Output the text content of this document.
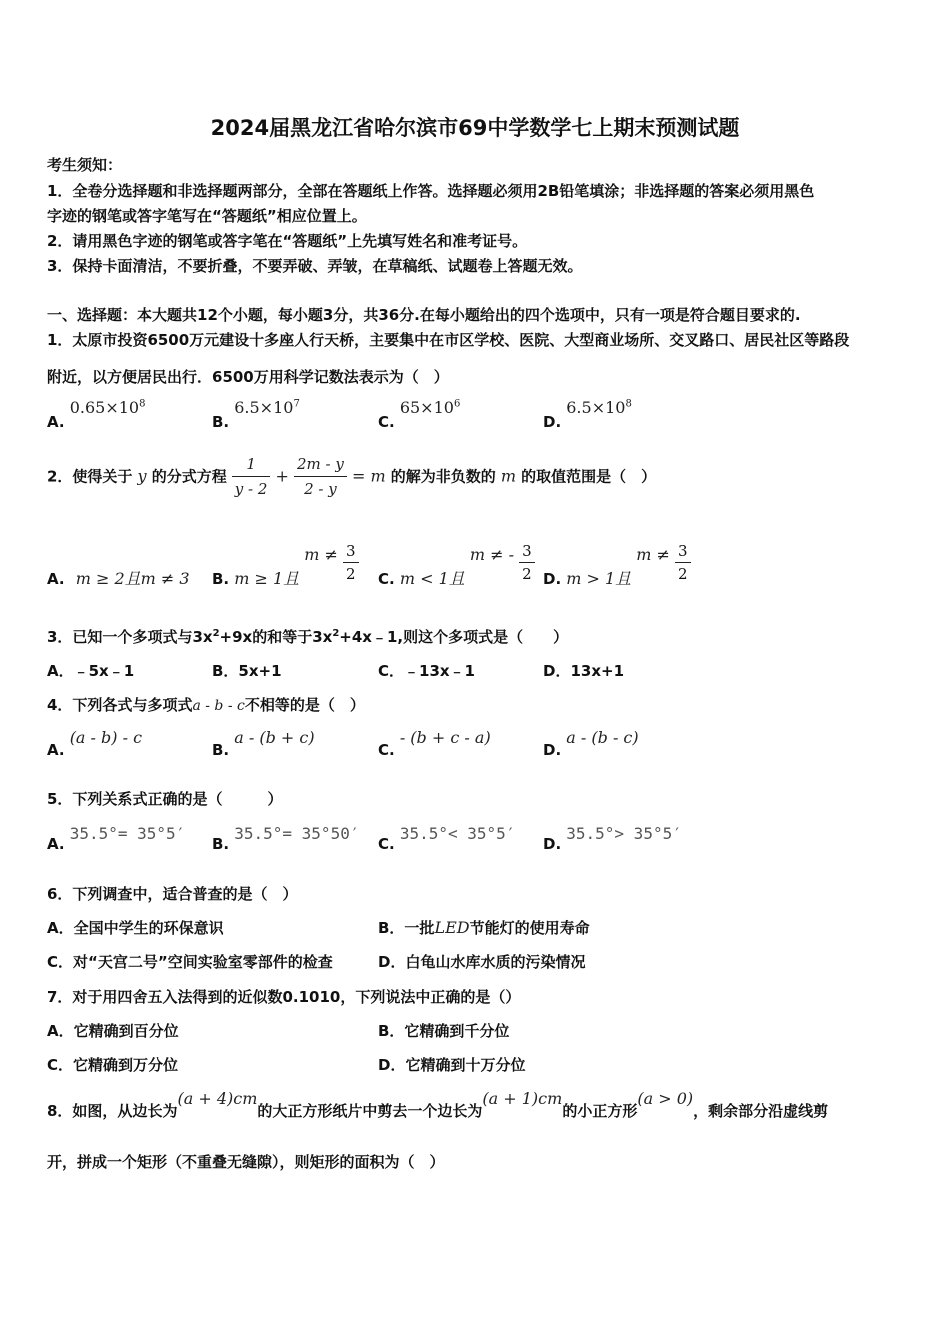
2024届黑龙江省哈尔滨市69中学数学七上期末预测试题
考生须知：
1．全卷分选择题和非选择题两部分，全部在答题纸上作答。选择题必须用2B铅笔填涂；非选择题的答案必须用黑色
字迹的钢笔或答字笔写在“答题纸”相应位置上。
2．请用黑色字迹的钢笔或答字笔在“答题纸”上先填写姓名和准考证号。
3．保持卡面清洁，不要折叠，不要弄破、弄皱，在草稿纸、试题卷上答题无效。
一、选择题：本大题共12个小题，每小题3分，共36分.在每小题给出的四个选项中，只有一项是符合题目要求的.
1．太原市投资6500万元建设十多座人行天桥，主要集中在市区学校、医院、大型商业场所、交叉路口、居民社区等路段
附近，以方便居民出行．6500万用科学记数法表示为（　）
A. $0.65\times 10^8$
B. $6.5\times 10^7$
C. $65\times 10^6$
D. $6.5\times 10^8$
2．使得关于 y 的分式方程 $\frac{1}{y - 2} + \frac{2m - y}{2 - y} = m$ 的解为非负数的 m 的取值范围是（　）
A. m ≥ 2且m ≠ 3 B. m ≥ 1且 $m \ne \frac{3}{2} C$. m < 1且 m ≠ - $\frac{3}{2} D$. m > 1且 $m \ne \frac{3}{2}$
3．已知一个多项式与$3x^2+9x$的和等于$3x^2+4x﹣1$,则这个多项式是（　　）
A．﹣5x﹣1	B．5x+1	C．﹣13x﹣1	D．13x+1
4．下列各式与多项式a - b - c不相等的是（　）
A. (a - b) - c
B. a - (b + c)
C. - (b + c - a)
D. a - (b - c)
5．下列关系式正确的是（　　　）
A. 35.5°= 35°5′
B. 35.5°= 35°50′
C. 35.5°< 35°5′
D. 35.5°> 35°5′
6．下列调查中，适合普查的是（　）
A．全国中学生的环保意识	B．一批LED节能灯的使用寿命
C．对“天宫二号”空间实验室零部件的检查	D．白龟山水库水质的污染情况
7．对于用四舍五入法得到的近似数0.1010，下列说法中正确的是（）
A．它精确到百分位	B．它精确到千分位
C．它精确到万分位	D．它精确到十万分位
8．如图，从边长为(a + 4)cm的大正方形纸片中剪去一个边长为(a + 1)cm的小正方形(a > 0)，剩余部分沿虚线剪
开，拼成一个矩形（不重叠无缝隙），则矩形的面积为（　）
